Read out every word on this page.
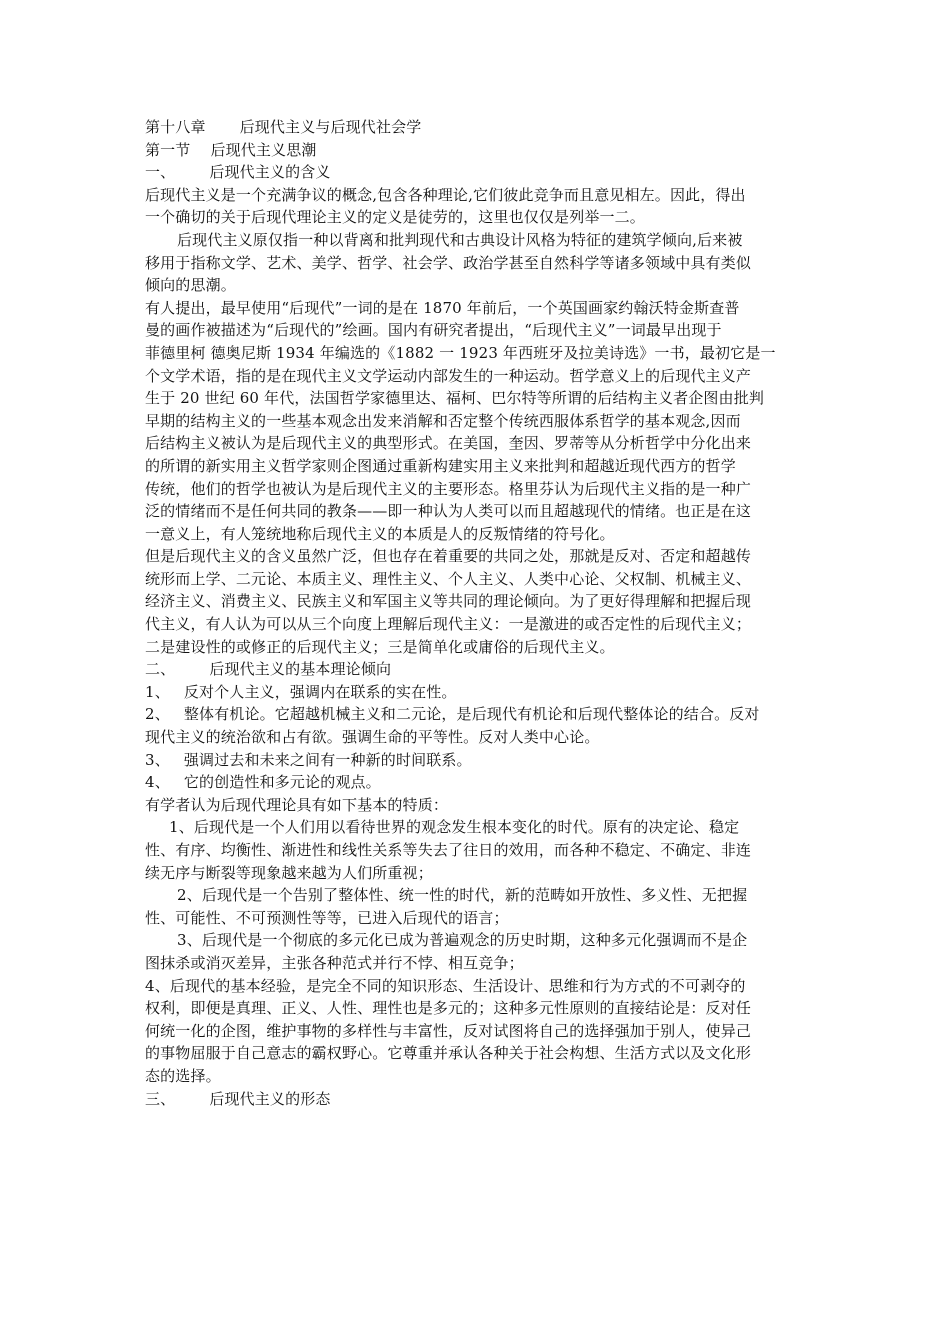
第十八章 后现代主义与后现代社会学
第一节 后现代主义思潮
一、 后现代主义的含义
后现代主义是一个充满争议的概念,包含各种理论,它们彼此竞争而且意见相左。因此，得出
一个确切的关于后现代理论主义的定义是徒劳的，这里也仅仅是列举一二。
后现代主义原仅指一种以背离和批判现代和古典设计风格为特征的建筑学倾向,后来被
移用于指称文学、艺术、美学、哲学、社会学、政治学甚至自然科学等诸多领域中具有类似
倾向的思潮。
有人提出，最早使用“后现代”一词的是在 1870 年前后，一个英国画家约翰沃特金斯查普
曼的画作被描述为“后现代的”绘画。国内有研究者提出，“后现代主义”一词最早出现于
菲德里柯 德奥尼斯 1934 年编选的《1882 一 1923 年西班牙及拉美诗选》一书，最初它是一
个文学术语，指的是在现代主义文学运动内部发生的一种运动。哲学意义上的后现代主义产
生于 20 世纪 60 年代，法国哲学家德里达、福柯、巴尔特等所谓的后结构主义者企图由批判
早期的结构主义的一些基本观念出发来消解和否定整个传统西服体系哲学的基本观念,因而
后结构主义被认为是后现代主义的典型形式。在美国，奎因、罗蒂等从分析哲学中分化出来
的所谓的新实用主义哲学家则企图通过重新构建实用主义来批判和超越近现代西方的哲学
传统，他们的哲学也被认为是后现代主义的主要形态。格里芬认为后现代主义指的是一种广
泛的情绪而不是任何共同的教条——即一种认为人类可以而且超越现代的情绪。也正是在这
一意义上，有人笼统地称后现代主义的本质是人的反叛情绪的符号化。
但是后现代主义的含义虽然广泛，但也存在着重要的共同之处，那就是反对、否定和超越传
统形而上学、二元论、本质主义、理性主义、个人主义、人类中心论、父权制、机械主义、
经济主义、消费主义、民族主义和军国主义等共同的理论倾向。为了更好得理解和把握后现
代主义，有人认为可以从三个向度上理解后现代主义：一是激进的或否定性的后现代主义；
二是建设性的或修正的后现代主义；三是简单化或庸俗的后现代主义。
二、 后现代主义的基本理论倾向
1、 反对个人主义，强调内在联系的实在性。
2、 整体有机论。它超越机械主义和二元论，是后现代有机论和后现代整体论的结合。反对
现代主义的统治欲和占有欲。强调生命的平等性。反对人类中心论。
3、 强调过去和未来之间有一种新的时间联系。
4、 它的创造性和多元论的观点。
有学者认为后现代理论具有如下基本的特质：
1、后现代是一个人们用以看待世界的观念发生根本变化的时代。原有的决定论、稳定
性、有序、均衡性、渐进性和线性关系等失去了往日的效用，而各种不稳定、不确定、非连
续无序与断裂等现象越来越为人们所重视；
2、后现代是一个告别了整体性、统一性的时代，新的范畴如开放性、多义性、无把握
性、可能性、不可预测性等等，已进入后现代的语言；
3、后现代是一个彻底的多元化已成为普遍观念的历史时期，这种多元化强调而不是企
图抹杀或消灭差异，主张各种范式并行不悖、相互竞争；
4、后现代的基本经验，是完全不同的知识形态、生活设计、思维和行为方式的不可剥夺的
权利，即便是真理、正义、人性、理性也是多元的；这种多元性原则的直接结论是：反对任
何统一化的企图，维护事物的多样性与丰富性，反对试图将自己的选择强加于别人，使异己
的事物屈服于自己意志的霸权野心。它尊重并承认各种关于社会构想、生活方式以及文化形
态的选择。
三、 后现代主义的形态
